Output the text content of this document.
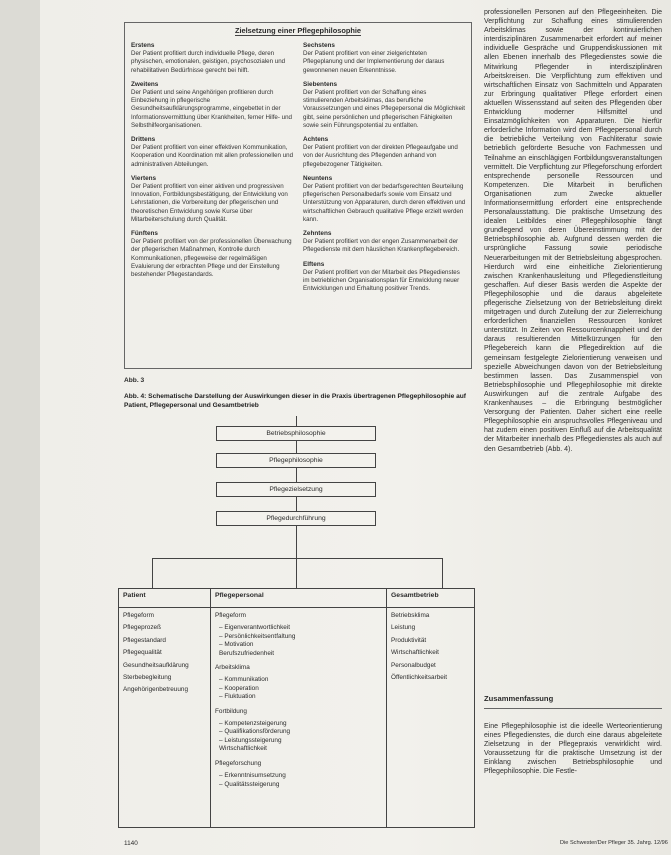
Zielsetzung einer Pflegephilosophie
Erstens
Der Patient profitiert durch individuelle Pflege, deren physischen, emotionalen, geistigen, psychosozialen und rehabilitativen Bedürfnisse gerecht bei hilft.
Zweitens
Der Patient und seine Angehörigen profitieren durch Einbeziehung in pflegerische Gesundheitsaufklärungsprogramme, eingebettet in der Informationsvermittlung über Krankheiten, ferner Hilfe- und Selbsthilfeorganisationen.
Drittens
Der Patient profitiert von einer effektiven Kommunikation, Kooperation und Koordination mit allen professionellen und administrativen Abteilungen.
Viertens
Der Patient profitiert von einer aktiven und progressiven Innovation, Fortbildungsbestätigung, der Entwicklung von Lehrstationen, die Vorbereitung der pflegerischen und theoretischen Entwicklung sowie Kurse über Mitarbeiterschulung durch Qualität.
Fünftens
Der Patient profitiert von der professionellen Überwachung der pflegerischen Maßnahmen, Kontrolle durch Kommunikationen, pflegeweise der regelmäßigen Evaluierung der erbrachten Pflege und der Einstellung bestehender Pflegestandards.
Sechstens
Der Patient profitiert von einer zielgerichteten Pflegeplanung und der Implementierung der daraus gewonnenen neuen Erkenntnisse.
Siebentens
Der Patient profitiert von der Schaffung eines stimulierenden Arbeitsklimas, das berufliche Voraussetzungen und eines Pflegepersonal die Möglichkeit gibt, seine persönlichen und pflegerischen Fähigkeiten sowie sein Führungspotential zu entfalten.
Achtens
Der Patient profitiert von der direkten Pflegeaufgabe und von der Ausrichtung des Pflegenden anhand von pflegebezogener Tätigkeiten.
Neuntens
Der Patient profitiert von der bedarfsgerechten Beurteilung pflegerischen Personalbedarfs sowie vom Einsatz und Unterstützung von Apparaturen, durch deren effektiven und wirtschaftlichen Gebrauch qualitative Pflege erzielt werden kann.
Zehntens
Der Patient profitiert von der engen Zusammenarbeit der Pflegedienste mit dem häuslichen Krankenpflegebereich.
Elftens
Der Patient profitiert von der Mitarbeit des Pflegedienstes im betrieblichen Organisationsplan für Entwicklung neuer Entwicklungen und Erhaltung positiver Trends.
Abb. 3
Abb. 4: Schematische Darstellung der Auswirkungen dieser in die Praxis übertragenen Pflegephilosophie auf Patient, Pflegepersonal und Gesamtbetrieb
Betriebsphilosophie
Pflegephilosophie
Pflegezielsetzung
Pflegedurchführung
Patient
Pflegeform
Pflegeprozeß
Pflegestandard
Pflegequalität
Gesundheitsaufklärung
Sterbebegleitung
Angehörigenbetreuung
Pflegepersonal
Pflegeform
– Eigenverantwortlichkeit
– Persönlichkeitsentfaltung
– Motivation
Berufszufriedenheit
Arbeitsklima
– Kommunikation
– Kooperation
– Fluktuation
Fortbildung
– Kompetenzsteigerung
– Qualifikationsförderung
– Leistungssteigerung
Wirtschaftlichkeit
Pflegeforschung
– Erkenntnisumsetzung
– Qualitätssteigerung
Gesamtbetrieb
Betriebsklima
Leistung
Produktivität
Wirtschaftlichkeit
Personalbudget
Öffentlichkeitsarbeit
professionellen Personen auf den Pflegeeinheiten. Die Verpflichtung zur Schaffung eines stimulierenden Arbeitsklimas sowie der kontinuierlichen interdisziplinären Zusammenarbeit erfordert auf meiner individuelle Gespräche und Gruppendiskussionen mit allen Ebenen innerhalb des Pflegedienstes sowie die Mitwirkung Pflegender in interdisziplinären Arbeitskreisen. Die Verpflichtung zum effektiven und wirtschaftlichen Einsatz von Sachmitteln und Apparaten zur Erbringung qualitativer Pflege erfordert einen aktuellen Wissensstand auf seiten des Pflegenden über Entwicklung moderner Hilfsmittel und Einsatzmöglichkeiten von Apparaturen. Die hierfür erforderliche Information wird dem Pflegepersonal durch die betriebliche Verteilung von Fachliteratur sowie betrieblich geförderte Besuche von Fachmessen und Teilnahme an einschlägigen Fortbildungsveranstaltungen vermittelt. Die Verpflichtung zur Pflegeforschung erfordert entsprechende personelle Ressourcen und Kompetenzen. Die Mitarbeit in beruflichen Organisationen zum Zwecke aktueller Informationsermittlung erfordert eine entsprechende Personalausstattung. Die praktische Umsetzung des idealen Leitbildes einer Pflegephilosophie fängt grundlegend von deren Übereinstimmung mit der Betriebsphilosophie ab. Aufgrund dessen werden die ursprüngliche Fassung sowie periodische Neuerarbeitungen mit der Betriebsleitung abgesprochen. Hierdurch wird eine einheitliche Zielorientierung zwischen Krankenhausleitung und Pflegedienstleitung geschaffen. Auf dieser Basis werden die Aspekte der Pflegephilosophie und die daraus abgeleitete pflegerische Zielsetzung von der Betriebsleitung direkt mitgetragen und durch Zuteilung der zur Zielerreichung erforderlichen finanziellen Ressourcen konkret unterstützt. In Zeiten von Ressourcenknappheit und der daraus resultierenden Mittelkürzungen für den Pflegebereich kann die Pflegedirektion auf die gemeinsam festgelegte Zielorientierung verweisen und spezielle Abweichungen davon von der Betriebsleitung bestimmen lassen. Das Zusammenspiel von Betriebsphilosophie und Pflegephilosophie mit direkte Auswirkungen auf die zentrale Aufgabe des Krankenhauses – die Erbringung bestmöglicher Versorgung der Patienten. Daher sichert eine reelle Pflegephilosophie ein anspruchsvolles Pflegeniveau und hat zudem einen positiven Einfluß auf die Arbeitsqualität der Mitarbeiter innerhalb des Pflegedienstes als auch auf den Gesamtbetrieb (Abb. 4).
Zusammenfassung
Eine Pflegephilosophie ist die ideelle Werteorientierung eines Pflegedienstes, die durch eine daraus abgeleitete Zielsetzung in der Pflegepraxis verwirklicht wird. Voraussetzung für die praktische Umsetzung ist der Einklang zwischen Betriebsphilosophie und Pflegephilosophie. Die Festle-
1140	Die Schwester/Der Pfleger 35. Jahrg. 12/96
